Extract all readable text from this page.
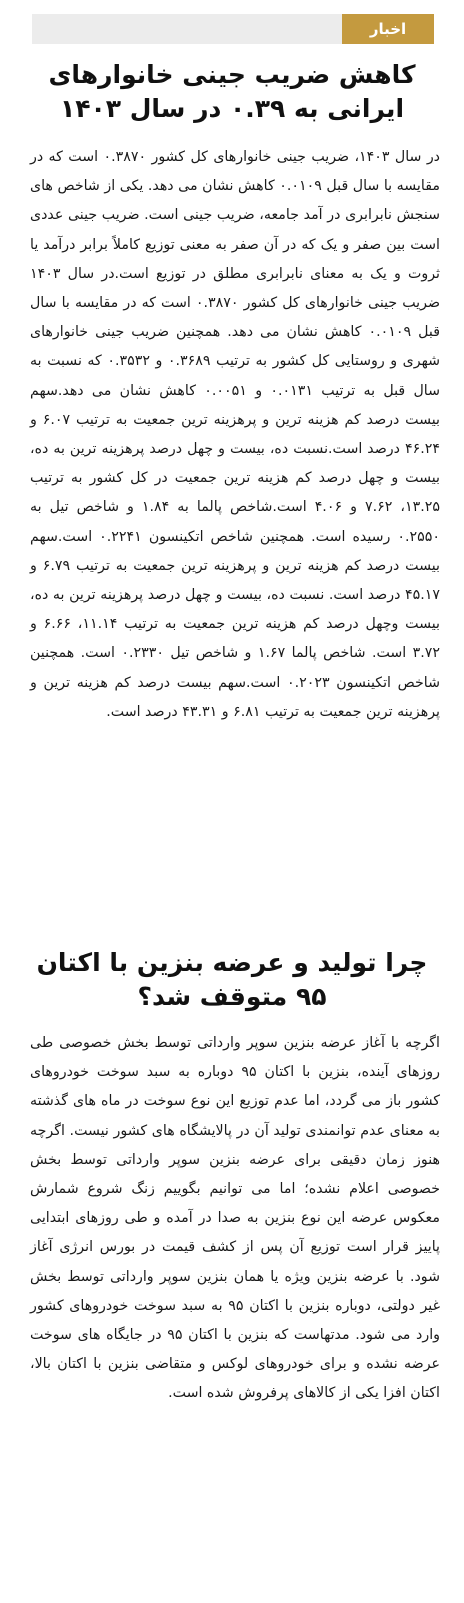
اخبار
کاهش ضریب جینی خانوارهای ایرانی به ۰.۳۹ در سال ۱۴۰۳

در سال ۱۴۰۳، ضریب جینی خانوارهای کل کشور ۰.۳۸۷۰ است که در مقایسه با سال قبل ۰.۰۱۰۹ کاهش نشان می دهد. یکی از شاخص های سنجش نابرابری در آمد جامعه، ضریب جینی است. ضریب جینی عددی است بین صفر و یک که در آن صفر به معنی توزیع کاملاً برابر درآمد یا ثروت و یک به معنای نابرابری مطلق در توزیع است.در سال ۱۴۰۳ ضریب جینی خانوارهای کل کشور ۰.۳۸۷۰ است که در مقایسه با سال قبل ۰.۰۱۰۹ کاهش نشان می دهد. همچنین ضریب جینی خانوارهای شهری و روستایی کل کشور به ترتیب ۰.۳۶۸۹ و ۰.۳۵۳۲ که نسبت به سال قبل به ترتیب ۰.۰۱۳۱ و ۰.۰۰۵۱ کاهش نشان می دهد.سهم بیست درصد کم هزینه ترین و پرهزینه ترین جمعیت به ترتیب ۶.۰۷ و ۴۶.۲۴ درصد است.نسبت ده، بیست و چهل درصد پرهزینه ترین به ده، بیست و چهل درصد کم هزینه ترین جمعیت در کل کشور به ترتیب ۱۳.۲۵، ۷.۶۲ و ۴.۰۶ است.شاخص پالما به ۱.۸۴ و شاخص تیل به ۰.۲۵۵۰ رسیده است. همچنین شاخص اتکینسون ۰.۲۲۴۱ است.سهم بیست درصد کم هزینه ترین و پرهزینه ترین جمعیت به ترتیب ۶.۷۹ و ۴۵.۱۷ درصد است. نسبت ده، بیست و چهل درصد پرهزینه ترین به ده، بیست وچهل درصد کم هزینه ترین جمعیت به ترتیب ۱۱.۱۴، ۶.۶۶ و ۳.۷۲ است. شاخص پالما ۱.۶۷ و شاخص تیل ۰.۲۳۳۰ است. همچنین شاخص اتکینسون ۰.۲۰۲۳ است.سهم بیست درصد کم هزینه ترین و پرهزینه ترین جمعیت به ترتیب ۶.۸۱ و ۴۳.۳۱ درصد است.

چرا تولید و عرضه بنزین با اکتان ۹۵ متوقف شد؟

اگرچه با آغاز عرضه بنزین سوپر وارداتی توسط بخش خصوصی طی روزهای آینده، بنزین با اکتان ۹۵ دوباره به سبد سوخت خودروهای کشور باز می گردد، اما عدم توزیع این نوع سوخت در ماه های گذشته به معنای عدم توانمندی تولید آن در پالایشگاه های کشور نیست. اگرچه هنوز زمان دقیقی برای عرضه بنزین سوپر وارداتی توسط بخش خصوصی اعلام نشده؛ اما می توانیم بگوییم زنگ شروع شمارش معکوس عرضه این نوع بنزین به صدا در آمده و طی روزهای ابتدایی پاییز قرار است توزیع آن پس از کشف قیمت در بورس انرژی آغاز شود. با عرضه بنزین ویژه یا همان بنزین سوپر وارداتی توسط بخش غیر دولتی، دوباره بنزین با اکتان ۹۵ به سبد سوخت خودروهای کشور وارد می شود. مدتهاست که بنزین با اکتان ۹۵ در جایگاه های سوخت عرضه نشده و برای خودروهای لوکس و متقاضی بنزین با اکتان بالا، اکتان افزا یکی از کالاهای پرفروش شده است.
